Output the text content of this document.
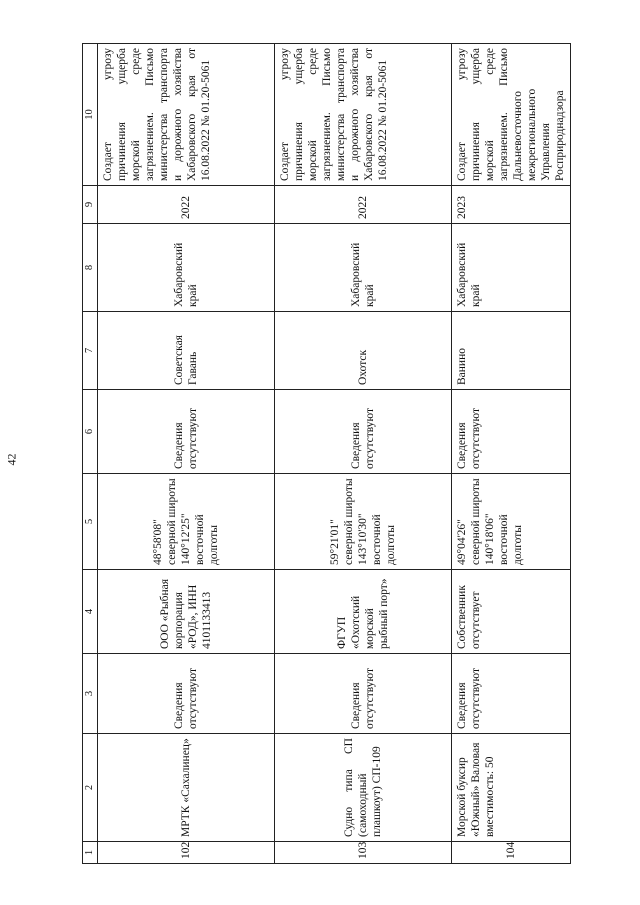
42
1	2	3	4	5	6	7	8	9	10
102	МРТК «Сахалинец»	Сведения отсутствуют	ООО «Рыбная корпорация «РОД», ИНН 4101133413	48°58'08" северной широты 140°12'25" восточной долготы	Сведения отсутствуют	Советская Гавань	Хабаровский край	2022	Создает угрозу причинения ущерба морской среде загрязнением. Письмо министерства транспорта и дорожного хозяйства Хабаровского края от 16.08.2022 № 01.20-5061
103	Судно типа СП (самоходный плашкоут) СП-109	Сведения отсутствуют	ФГУП «Охотский морской рыбный порт»	59°21'01" северной широты 143°10'30" восточной долготы	Сведения отсутствуют	Охотск	Хабаровский край	2022	Создает угрозу причинения ущерба морской среде загрязнением. Письмо министерства транспорта и дорожного хозяйства Хабаровского края от 16.08.2022 № 01.20-5061
104	Морской буксир «Южный» Валовая вместимость: 50	Сведения отсутствуют	Собственник отсутствует	49°04'26" северной широты 140°18'06" восточной долготы	Сведения отсутствуют	Ванино	Хабаровский край	2023	Создает угрозу причинения ущерба морской среде загрязнением. Письмо Дальневосточного межрегионального Управления Росприроднадзора
